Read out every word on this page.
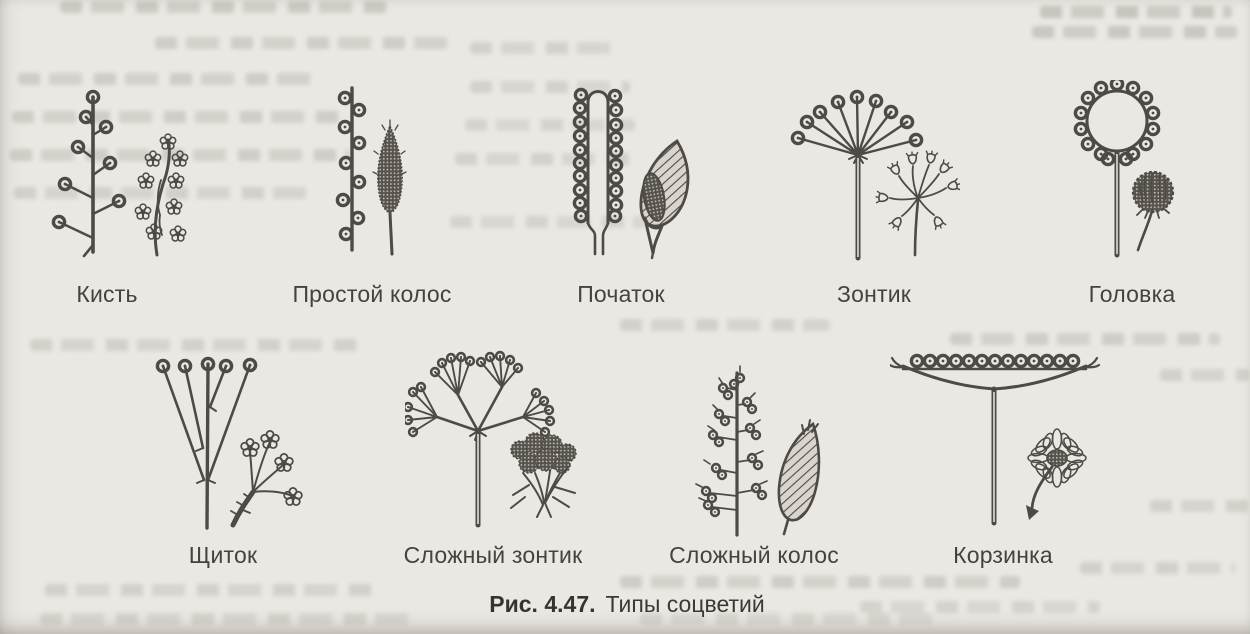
Кисть	Простой колос	Початок	Зонтик	Головка
Щиток	Сложный зонтик	Сложный колос	Корзинка
Рис. 4.47. Типы соцветий
